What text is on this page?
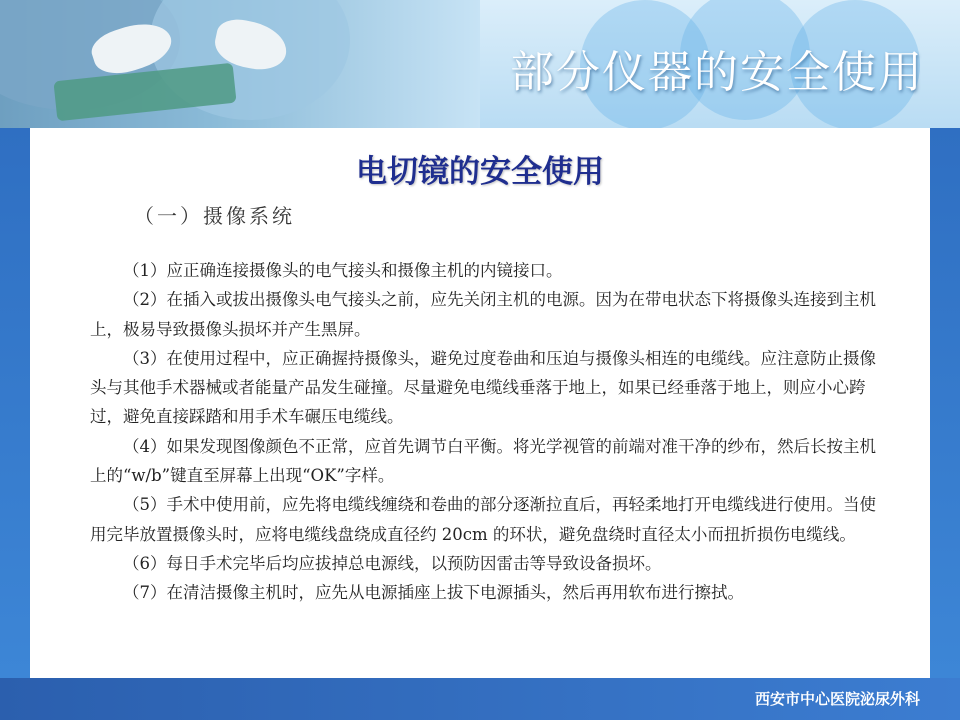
部分仪器的安全使用
电切镜的安全使用
（一）摄像系统

（1）应正确连接摄像头的电气接头和摄像主机的内镜接口。

（2）在插入或拔出摄像头电气接头之前，应先关闭主机的电源。因为在带电状态下将摄像头连接到主机上，极易导致摄像头损坏并产生黑屏。

（3）在使用过程中，应正确握持摄像头，避免过度卷曲和压迫与摄像头相连的电缆线。应注意防止摄像头与其他手术器械或者能量产品发生碰撞。尽量避免电缆线垂落于地上，如果已经垂落于地上，则应小心跨过，避免直接踩踏和用手术车碾压电缆线。

（4）如果发现图像颜色不正常，应首先调节白平衡。将光学视管的前端对准干净的纱布，然后长按主机上的“w/b”键直至屏幕上出现“OK”字样。

（5）手术中使用前，应先将电缆线缠绕和卷曲的部分逐渐拉直后，再轻柔地打开电缆线进行使用。当使用完毕放置摄像头时，应将电缆线盘绕成直径约 20cm 的环状，避免盘绕时直径太小而扭折损伤电缆线。

（6）每日手术完毕后均应拔掉总电源线，以预防因雷击等导致设备损坏。

（7）在清洁摄像主机时，应先从电源插座上拔下电源插头，然后再用软布进行擦拭。

西安市中心医院泌尿外科
